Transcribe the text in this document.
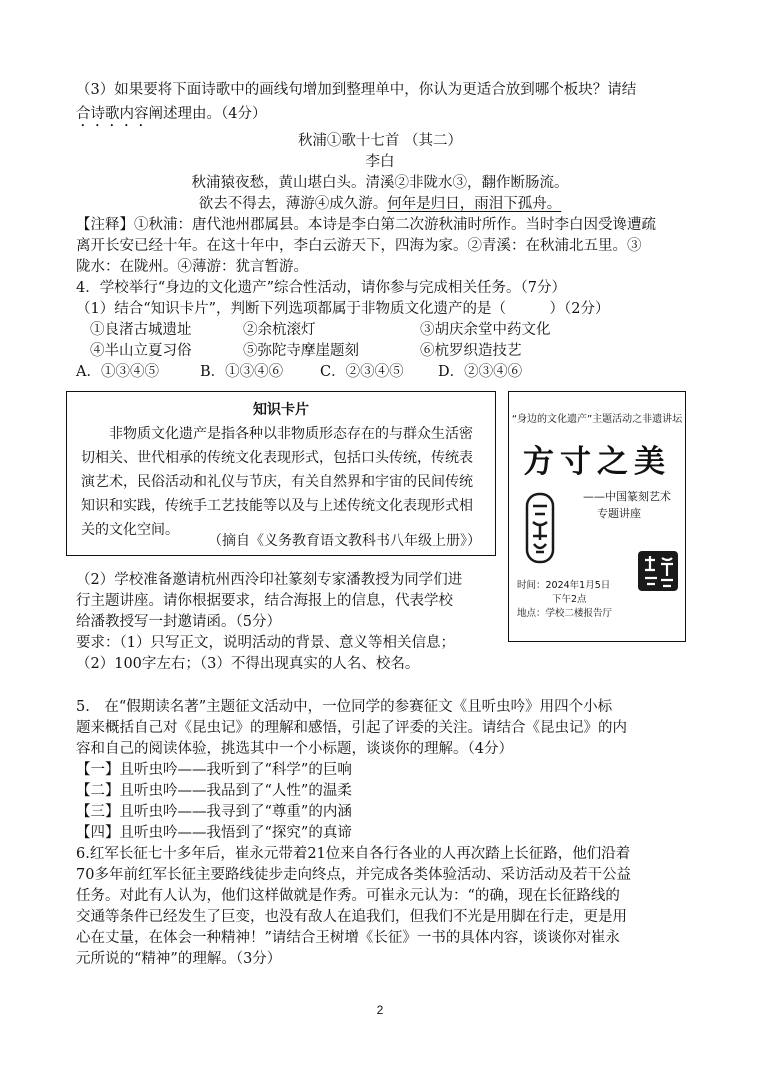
（3）如果要将下面诗歌中的画线句增加到整理单中，你认为更适合放到哪个板块？请结
合诗歌内容阐述理由。（4分）
秋浦①歌十七首 （其二）
李白
秋浦猿夜愁，黄山堪白头。清溪②非陇水③，翻作断肠流。
欲去不得去，薄游④成久游。何年是归日，雨泪下孤舟。
【注释】①秋浦：唐代池州郡属县。本诗是李白第二次游秋浦时所作。当时李白因受谗遭疏
离开长安已经十年。在这十年中，李白云游天下，四海为家。②青溪：在秋浦北五里。③
陇水：在陇州。④薄游：犹言暂游。
4．学校举行“身边的文化遗产”综合性活动，请你参与完成相关任务。（7分）
（1）结合“知识卡片”，判断下列选项都属于非物质文化遗产的是（　　　）（2分）
①良渚古城遗址	②余杭滚灯	③胡庆余堂中药文化
④半山立夏习俗	⑤弥陀寺摩崖题刻	⑥杭罗织造技艺
A．①③④⑤	B．①③④⑥	C．②③④⑤ D．②③④⑥
知识卡片
非物质文化遗产是指各种以非物质形态存在的与群众生活密切相关、世代相承的传统文化表现形式，包括口头传统，传统表演艺术，民俗活动和礼仪与节庆，有关自然界和宇宙的民间传统知识和实践，传统手工艺技能等以及与上述传统文化表现形式相关的文化空间。
（摘自《义务教育语文教科书八年级上册》）
“身边的文化遗产”主题活动之非遗讲坛
方寸之美
——中国篆刻艺术
专题讲座
时间：2024年1月5日
下午2点
地点：学校二楼报告厅
（2）学校准备邀请杭州西泠印社篆刻专家潘教授为同学们进
行主题讲座。请你根据要求，结合海报上的信息，代表学校
给潘教授写一封邀请函。（5分）
要求：（1）只写正文，说明活动的背景、意义等相关信息；
（2）100字左右；（3）不得出现真实的人名、校名。
5.　在“假期读名著”主题征文活动中，一位同学的参赛征文《且听虫吟》用四个小标
题来概括自己对《昆虫记》的理解和感悟，引起了评委的关注。请结合《昆虫记》的内
容和自己的阅读体验，挑选其中一个小标题，谈谈你的理解。（4分）
【一】且听虫吟——我听到了“科学”的巨响
【二】且听虫吟——我品到了“人性”的温柔
【三】且听虫吟——我寻到了“尊重”的内涵
【四】且听虫吟——我悟到了“探究”的真谛
6.红军长征七十多年后，崔永元带着21位来自各行各业的人再次踏上长征路，他们沿着
70多年前红军长征主要路线徒步走向终点，并完成各类体验活动、采访活动及若干公益
任务。对此有人认为，他们这样做就是作秀。可崔永元认为：“的确，现在长征路线的
交通等条件已经发生了巨变，也没有敌人在追我们，但我们不光是用脚在行走，更是用
心在丈量，在体会一种精神！”请结合王树增《长征》一书的具体内容，谈谈你对崔永
元所说的“精神”的理解。（3分）
2
